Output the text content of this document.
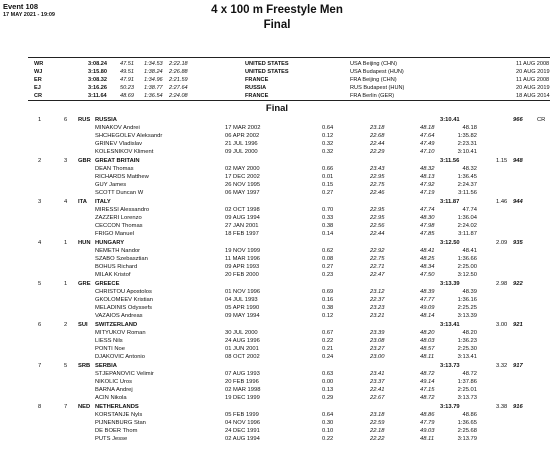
Event 108
17 MAY 2021 - 19:09	4 x 100 m Freestyle Men
Final
WR	3:08.24 47.51 1:34.53 2:22.18	UNITED STATES	USA Beijing (CHN)	11 AUG 2008
WJ	3:15.80 49.51 1:38.24 2:26.88	UNITED STATES	USA Budapest (HUN)	20 AUG 2019
ER	3:08.32 47.91 1:34.96 2:21.59	FRANCE	FRA Beijing (CHN)	11 AUG 2008
EJ	3:16.26 50.23 1:38.77 2:27.64	RUSSIA	RUS Budapest (HUN)	20 AUG 2019
CR	3:11.64 48.69 1:36.54 2:24.08	FRANCE	FRA Berlin (GER)	18 AUG 2014
Final
1	6 RUS RUSSIA	3:10.41	966 CR
MINAKOV Andrei	17 MAR 2002	0.64	23.18	48.18	48.18
SHCHEGOLEV Aleksandr	06 APR 2002	0.12	22.68	47.64	1:35.82
GRINEV Vladislav	21 JUL 1996	0.32	22.44	47.49	2:23.31
KOLESNIKOV Kliment	09 JUL 2000	0.32	22.29	47.10	3:10.41
2	3 GBR GREAT BRITAIN	3:11.56	1.15 948
DEAN Thomas	02 MAY 2000	0.66	23.43	48.32	48.32
RICHARDS Matthew	17 DEC 2002	0.01	22.95	48.13	1:36.45
GUY James	26 NOV 1995	0.15	22.75	47.92	2:24.37
SCOTT Duncan W	06 MAY 1997	0.27	22.46	47.19	3:11.56
3	4 ITA ITALY	3:11.87	1.46 944
MIRESSI Alessandro	02 OCT 1998	0.70	22.95	47.74	47.74
ZAZZERI Lorenzo	09 AUG 1994	0.33	22.95	48.30	1:36.04
CECCON Thomas	27 JAN 2001	0.38	22.56	47.98	2:24.02
FRIGO Manuel	18 FEB 1997	0.14	22.44	47.85	3:11.87
4	1 HUN HUNGARY	3:12.50	2.09 935
NEMETH Nandor	19 NOV 1999	0.62	22.92	48.41	48.41
SZABO Szebasztian	11 MAR 1996	0.08	22.75	48.25	1:36.66
BOHUS Richard	09 APR 1993	0.27	22.71	48.34	2:25.00
MILAK Kristof	20 FEB 2000	0.23	22.47	47.50	3:12.50
5	1 GRE GREECE	3:13.39	2.98 922
CHRISTOU Apostolos	01 NOV 1996	0.69	23.12	48.39	48.39
GKOLOMEEV Kristian	04 JUL 1993	0.16	22.37	47.77	1:36.16
MELADINIS Odyssefs	05 APR 1990	0.38	23.23	49.09	2:25.25
VAZAIOS Andreas	09 MAY 1994	0.12	23.21	48.14	3:13.39
6	2 SUI SWITZERLAND	3:13.41	3.00 921
MITYUKOV Roman	30 JUL 2000	0.67	23.39	48.20	48.20
LIESS Nils	24 AUG 1996	0.22	23.08	48.03	1:36.23
PONTI Noe	01 JUN 2001	0.21	23.27	48.57	2:25.30
DJAKOVIC Antonio	08 OCT 2002	0.24	23.00	48.11	3:13.41
7	5 SRB SERBIA	3:13.73	3.32 917
STJEPANOVIC Velimir	07 AUG 1993	0.63	23.41	48.72	48.72
NIKOLIC Uros	20 FEB 1996	0.00	23.37	49.14	1:37.86
BARNA Andrej	02 MAR 1998	0.13	22.41	47.15	2:25.01
ACIN Nikola	19 DEC 1999	0.29	22.67	48.72	3:13.73
8	7 NED NETHERLANDS	3:13.79	3.38 916
KORSTANJE Nyls	05 FEB 1999	0.64	23.18	48.86	48.86
PIJNENBURG Stan	04 NOV 1996	0.30	22.59	47.79	1:36.65
DE BOER Thom	24 DEC 1991	0.10	22.18	49.03	2:25.68
PUTS Jesse	02 AUG 1994	0.22	22.22	48.11	3:13.79
